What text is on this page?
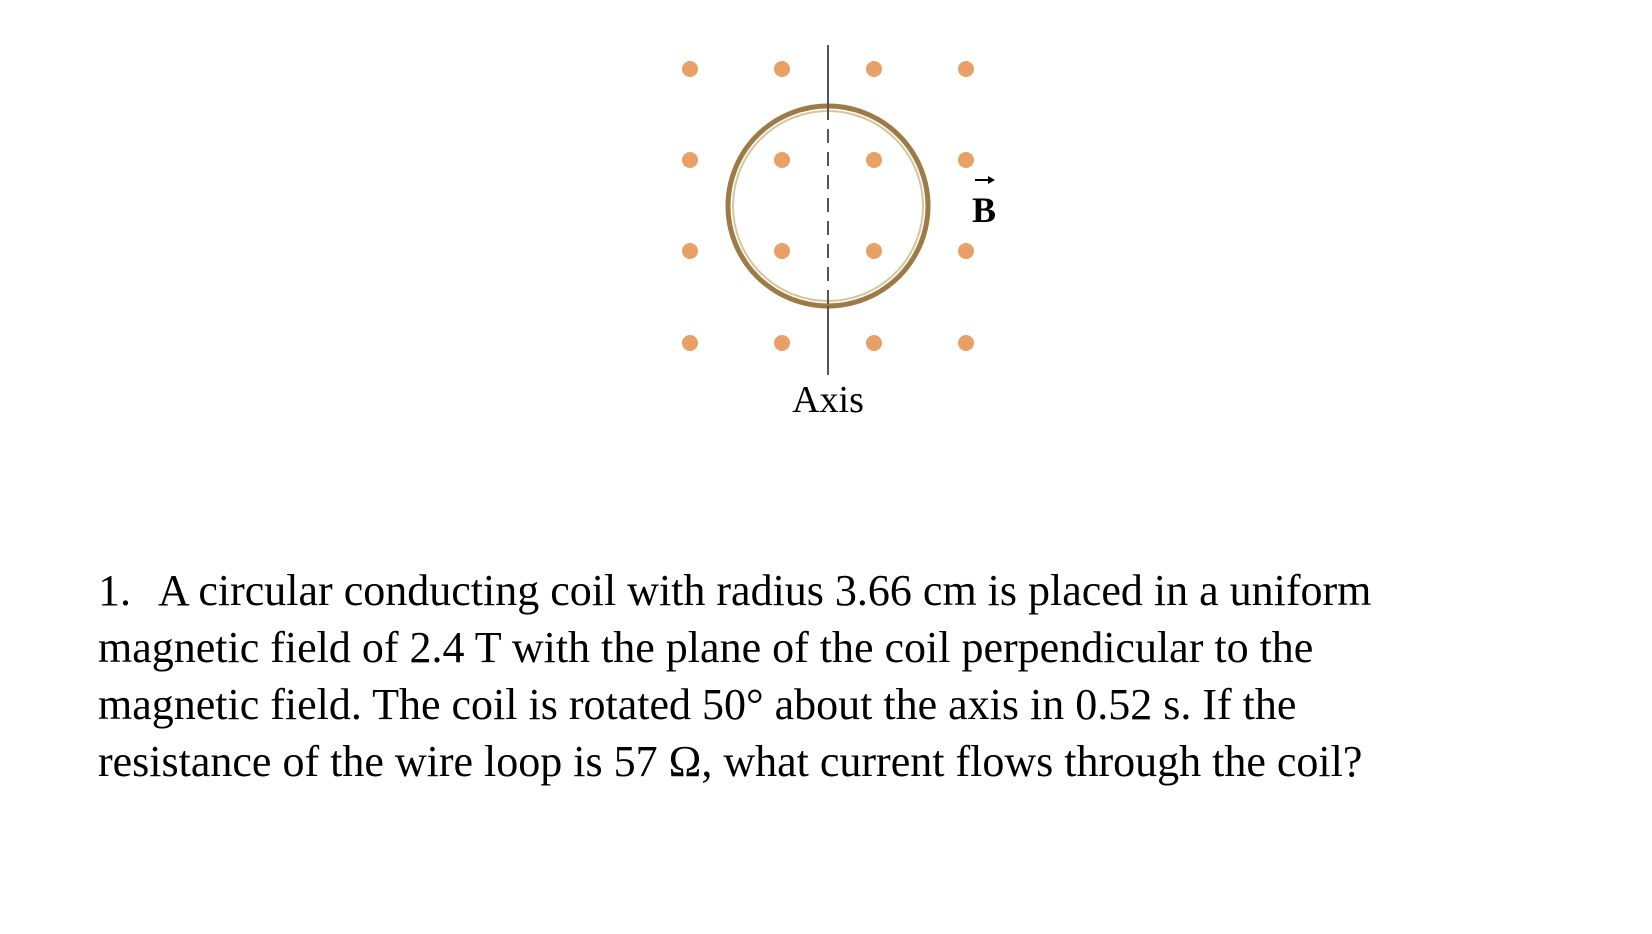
Axis
B
1. A circular conducting coil with radius 3.66 cm is placed in a uniform
magnetic field of 2.4 T with the plane of the coil perpendicular to the
magnetic field. The coil is rotated 50° about the axis in 0.52 s. If the
resistance of the wire loop is 57 Ω, what current flows through the coil?
